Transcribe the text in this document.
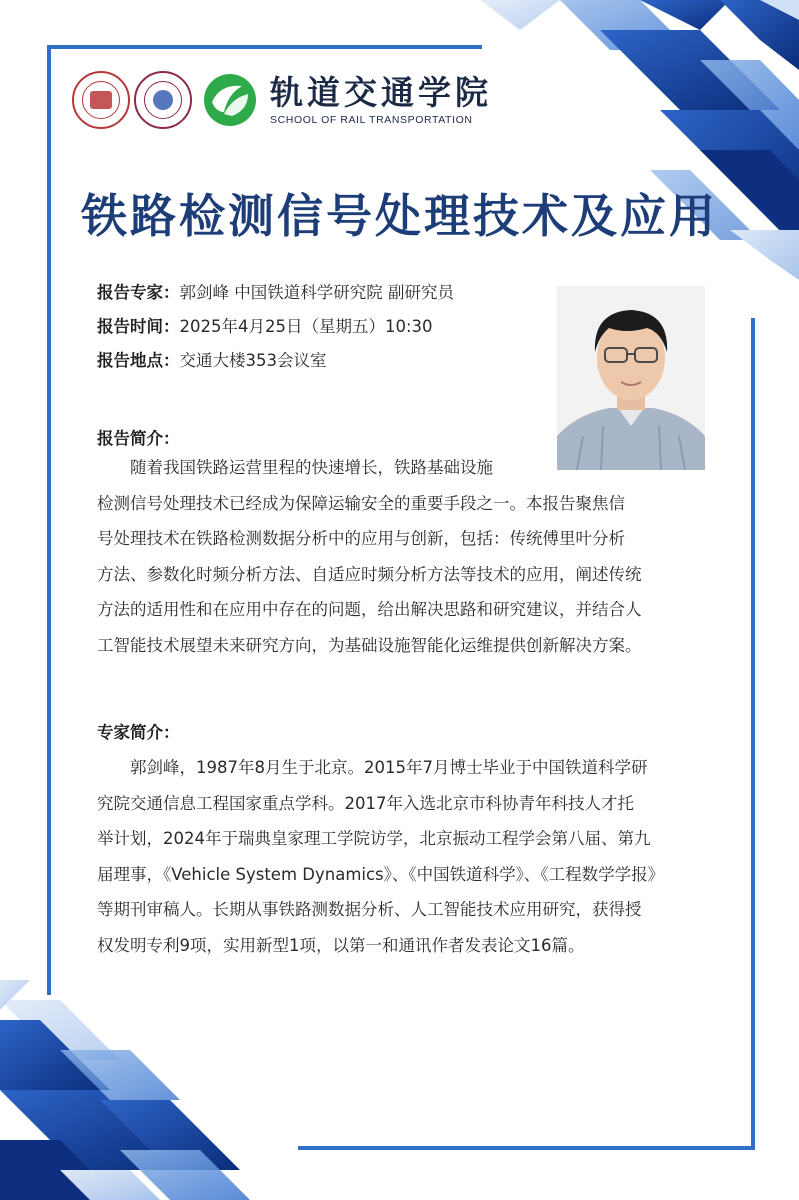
轨道交通学院
SCHOOL OF RAIL TRANSPORTATION
铁路检测信号处理技术及应用
报告专家：郭剑峰 中国铁道科学研究院 副研究员
报告时间：2025年4月25日（星期五）10:30
报告地点：交通大楼353会议室
报告简介：

　　随着我国铁路运营里程的快速增长，铁路基础设施

检测信号处理技术已经成为保障运输安全的重要手段之一。本报告聚焦信

号处理技术在铁路检测数据分析中的应用与创新，包括：传统傅里叶分析

方法、参数化时频分析方法、自适应时频分析方法等技术的应用，阐述传统

方法的适用性和在应用中存在的问题，给出解决思路和研究建议，并结合人

工智能技术展望未来研究方向，为基础设施智能化运维提供创新解决方案。

专家简介：

　　郭剑峰，1987年8月生于北京。2015年7月博士毕业于中国铁道科学研

究院交通信息工程国家重点学科。2017年入选北京市科协青年科技人才托

举计划，2024年于瑞典皇家理工学院访学，北京振动工程学会第八届、第九

届理事，《Vehicle System Dynamics》、《中国铁道科学》、《工程数学学报》

等期刊审稿人。长期从事铁路测数据分析、人工智能技术应用研究，获得授

权发明专利9项，实用新型1项，以第一和通讯作者发表论文16篇。
